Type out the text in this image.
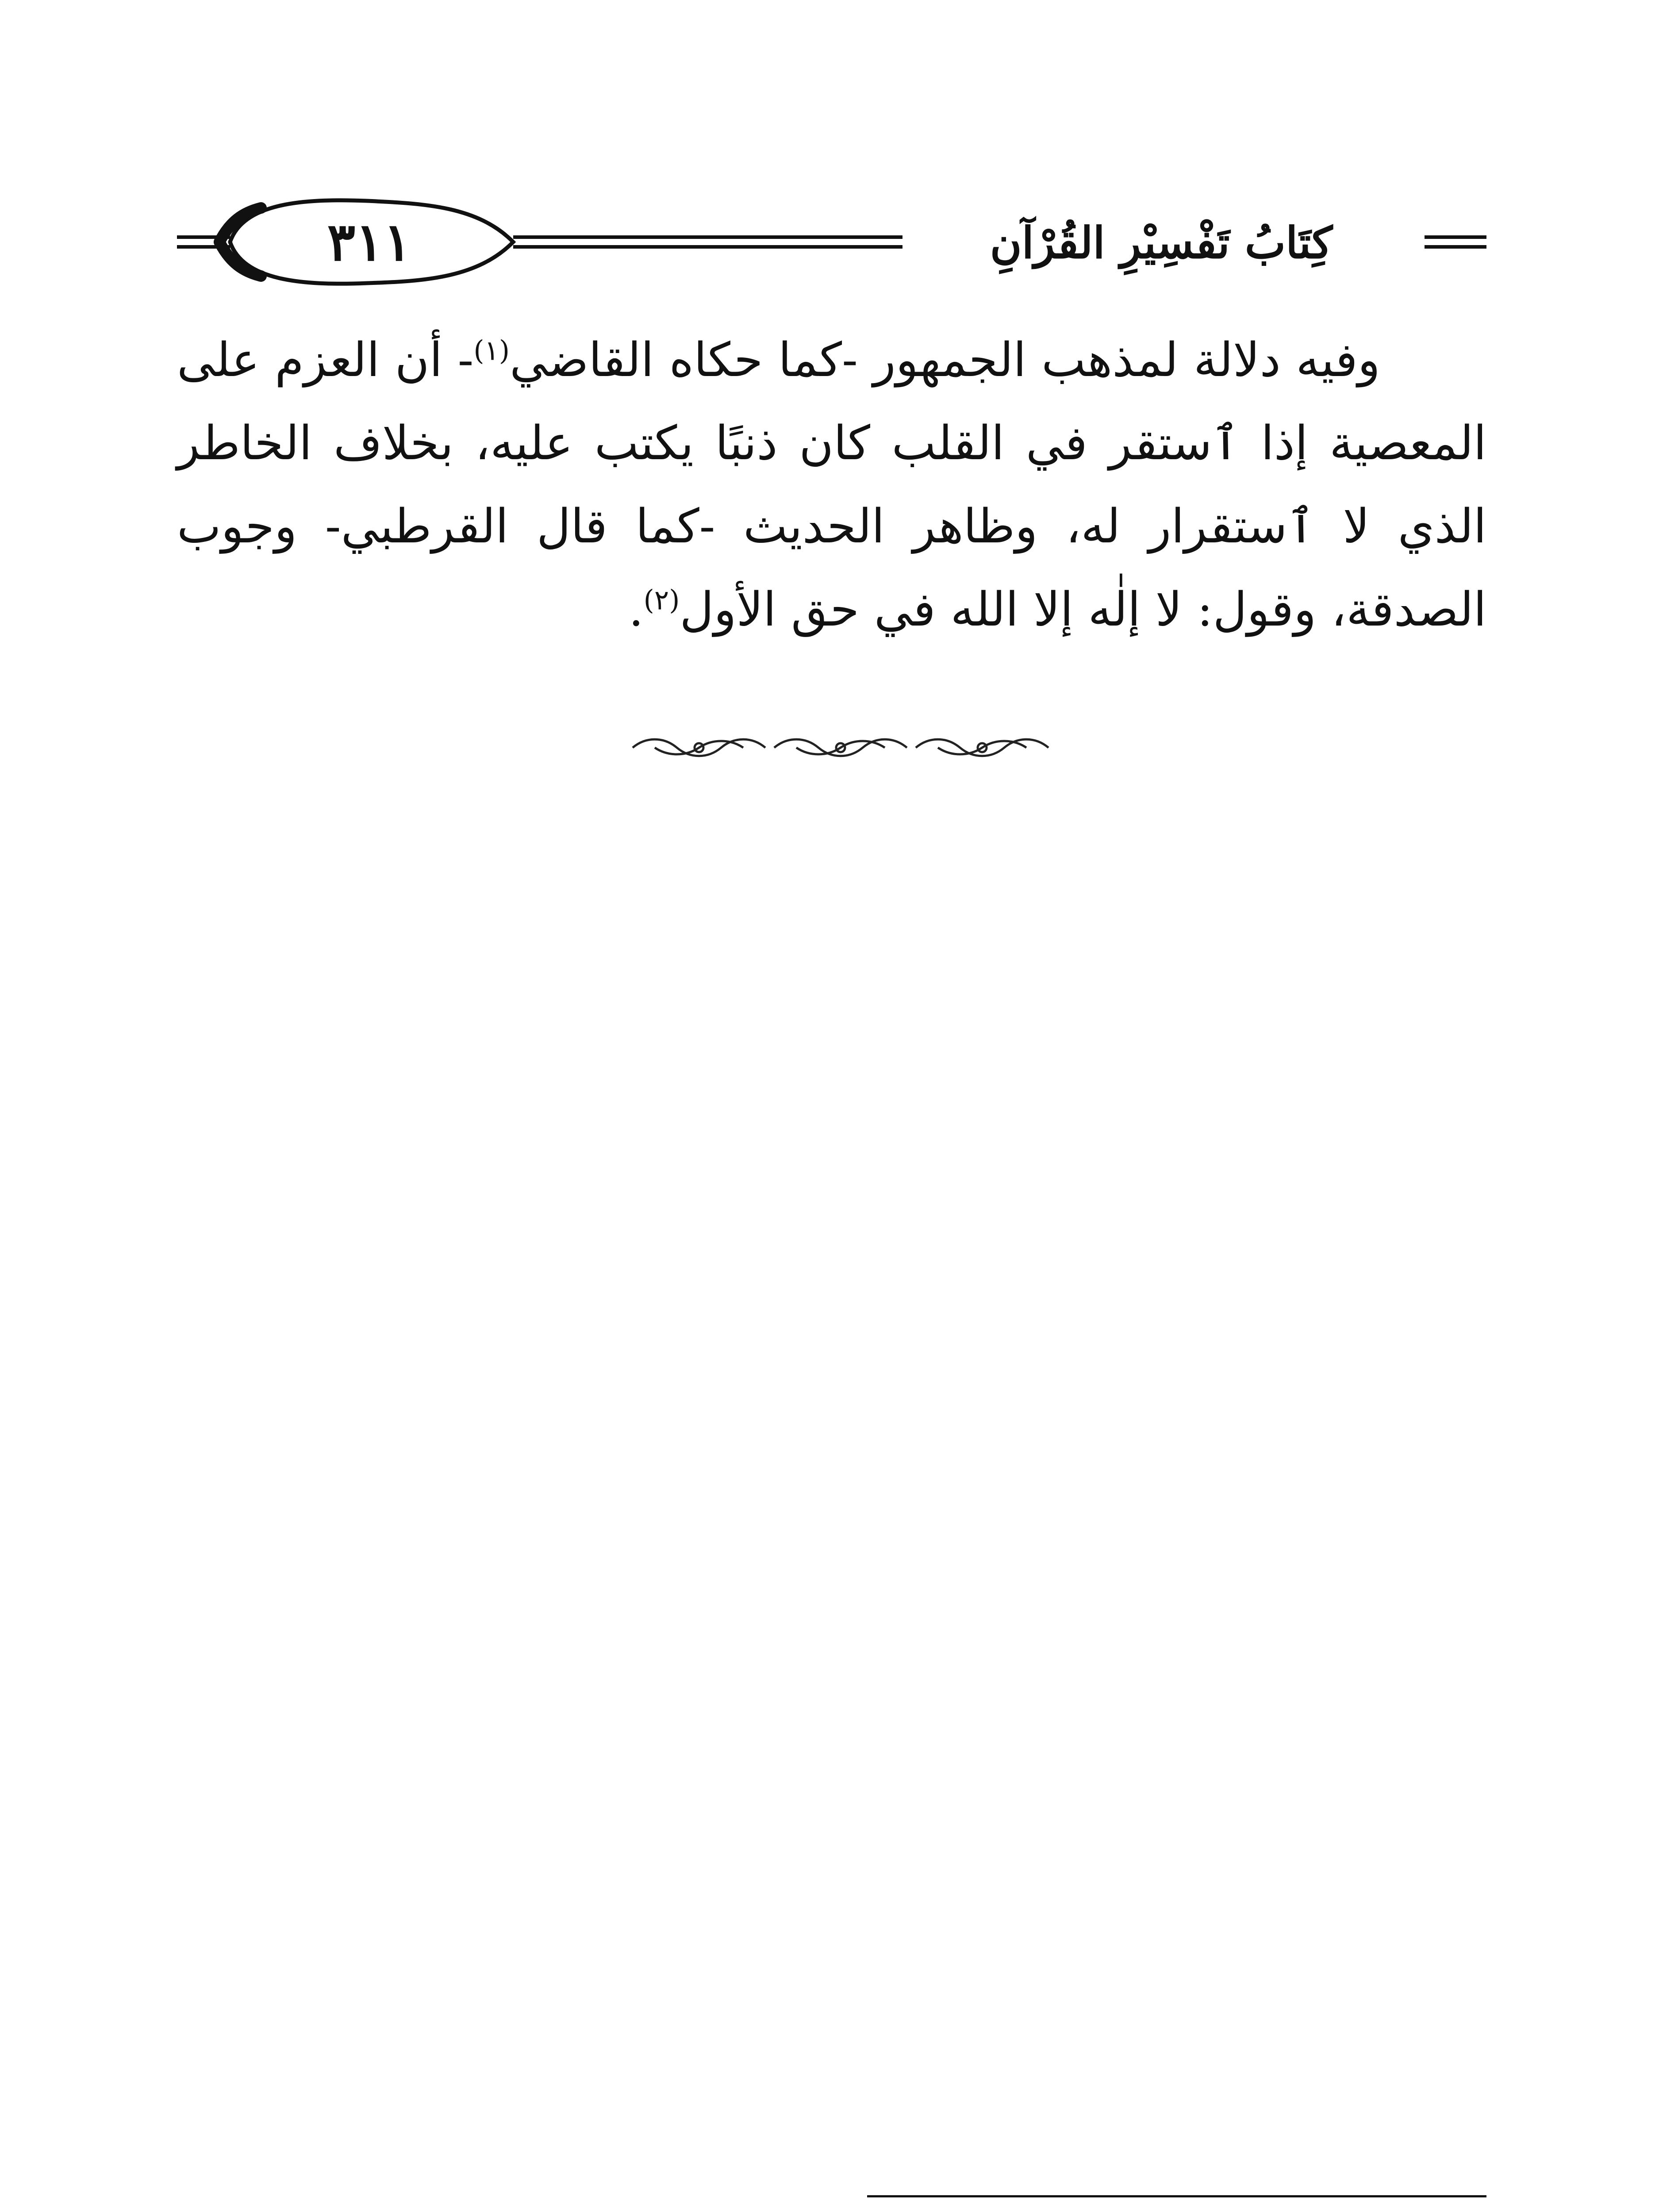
٣١١	كِتَابُ تَفْسِيْرِ القُرْآنِ

وفيه دلالة لمذهب الجمهور -كما حكاه القاضي$^{(١)}$- أن العزم على المعصية إذا ٱستقر في القلب كان ذنبًا يكتب عليه، بخلاف الخاطر الذي لا ٱستقرار له، وظاهر الحديث -كما قال القرطبي- وجوب الصدقة، وقول: لا إلٰه إلا الله في حق الأول$^{(٢)}$.
